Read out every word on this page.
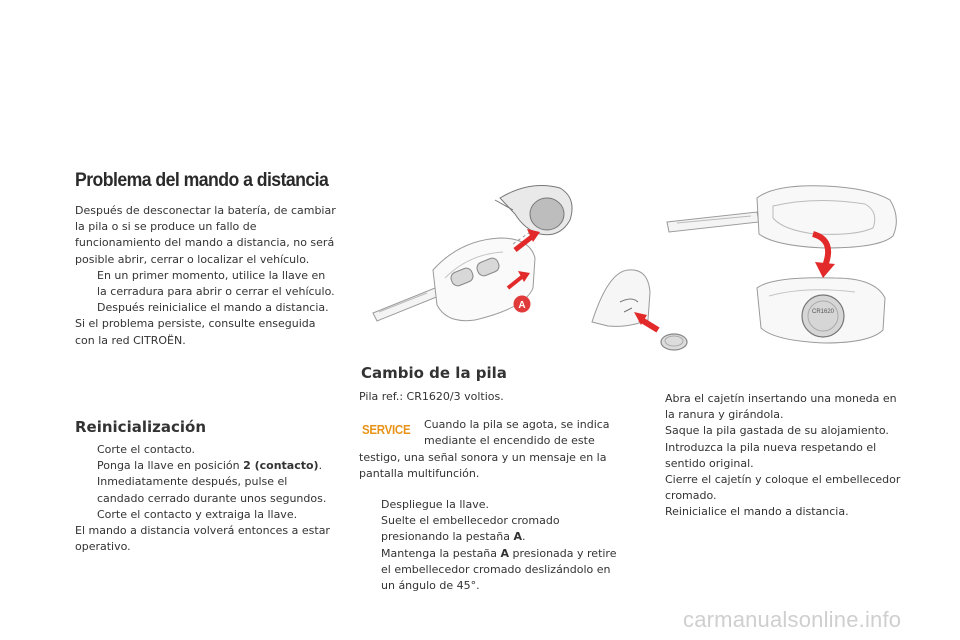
Problema del mando a distancia

Después de desconectar la batería, de cambiar la pila o si se produce un fallo de funcionamiento del mando a distancia, no será posible abrir, cerrar o localizar el vehículo.

En un primer momento, utilice la llave en la cerradura para abrir o cerrar el vehículo.
Después reinicialice el mando a distancia.

Si el problema persiste, consulte enseguida con la red CITROËN.

Reinicialización
Corte el contacto.
Ponga la llave en posición 2 (contacto).
Inmediatamente después, pulse el candado cerrado durante unos segundos.
Corte el contacto y extraiga la llave.

El mando a distancia volverá entonces a estar operativo.

Cambio de la pila
Pila ref.: CR1620/3 voltios.
SERVICE Cuando la pila se agota, se indica mediante el encendido de este
testigo, una señal sonora y un mensaje en la pantalla multifunción.
Despliegue la llave.
Suelte el embellecedor cromado presionando la pestaña A.
Mantenga la pestaña A presionada y retire el embellecedor cromado deslizándolo en un ángulo de 45°.
Abra el cajetín insertando una moneda en la ranura y girándola.
Saque la pila gastada de su alojamiento.
Introduzca la pila nueva respetando el sentido original.
Cierre el cajetín y coloque el embellecedor cromado.
Reinicialice el mando a distancia.
A
CR1620
carmanualsonline.info
